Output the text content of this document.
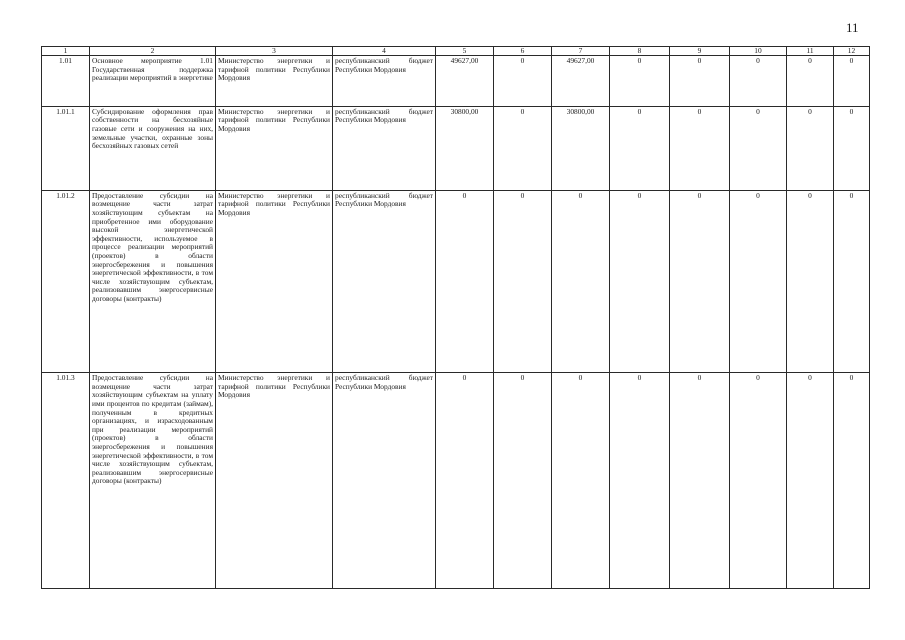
11
1	2	3	4	5	6	7	8	9	10	11	12
1.01	Основное мероприятие 1.01 Государственная поддержка реализации мероприятий в энергетике	Министерство энергетики и тарифной политики Республики Мордовия	республиканский бюджет Республики Мордовия	49627,00	0	49627,00	0	0	0	0	0
1.01.1	Субсидирование оформления прав собственности на бесхозяйные газовые сети и сооружения на них, земельные участки, охранные зоны бесхозяйных газовых сетей	Министерство энергетики и тарифной политики Республики Мордовия	республиканский бюджет Республики Мордовия	30800,00	0	30800,00	0	0	0	0	0
1.01.2	Предоставление субсидии на возмещение части затрат хозяйствующим субъектам на приобретенное ими оборудование высокой энергетической эффективности, используемое в процессе реализации мероприятий (проектов) в области энергосбережения и повышения энергетической эффективности, в том числе хозяйствующим субъектам, реализовавшим энергосервисные договоры (контракты)	Министерство энергетики и тарифной политики Республики Мордовия	республиканский бюджет Республики Мордовия	0	0	0	0	0	0	0	0
1.01.3	Предоставление субсидии на возмещение части затрат хозяйствующим субъектам на уплату ими процентов по кредитам (займам), полученным в кредитных организациях, и израсходованным при реализации мероприятий (проектов) в области энергосбережения и повышения энергетической эффективности, в том числе хозяйствующим субъектам, реализовавшим энергосервисные договоры (контракты)	Министерство энергетики и тарифной политики Республики Мордовия	республиканский бюджет Республики Мордовия	0	0	0	0	0	0	0	0
